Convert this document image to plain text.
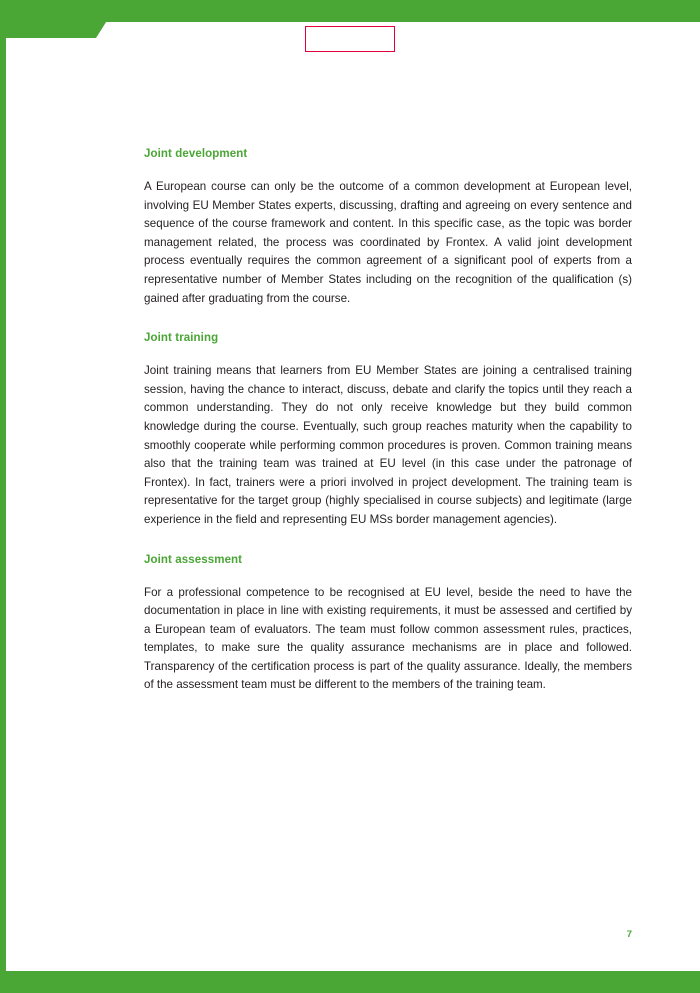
Joint development

A European course can only be the outcome of a common development at European level, involving EU Member States experts, discussing, drafting and agreeing on every sentence and sequence of the course framework and content. In this specific case, as the topic was border management related, the process was coordinated by Frontex. A valid joint development process eventually requires the common agreement of a significant pool of experts from a representative number of Member States including on the recognition of the qualification (s) gained after graduating from the course.

Joint training

Joint training means that learners from EU Member States are joining a centralised training session, having the chance to interact, discuss, debate and clarify the topics until they reach a common understanding. They do not only receive knowledge but they build common knowledge during the course. Eventually, such group reaches maturity when the capability to smoothly cooperate while performing common procedures is proven. Common training means also that the training team was trained at EU level (in this case under the patronage of Frontex). In fact, trainers were a priori involved in project development. The training team is representative for the target group (highly specialised in course subjects) and legitimate (large experience in the field and representing EU MSs border management agencies).

Joint assessment

For a professional competence to be recognised at EU level, beside the need to have the documentation in place in line with existing requirements, it must be assessed and certified by a European team of evaluators. The team must follow common assessment rules, practices, templates, to make sure the quality assurance mechanisms are in place and followed. Transparency of the certification process is part of the quality assurance. Ideally, the members of the assessment team must be different to the members of the training team.

7
